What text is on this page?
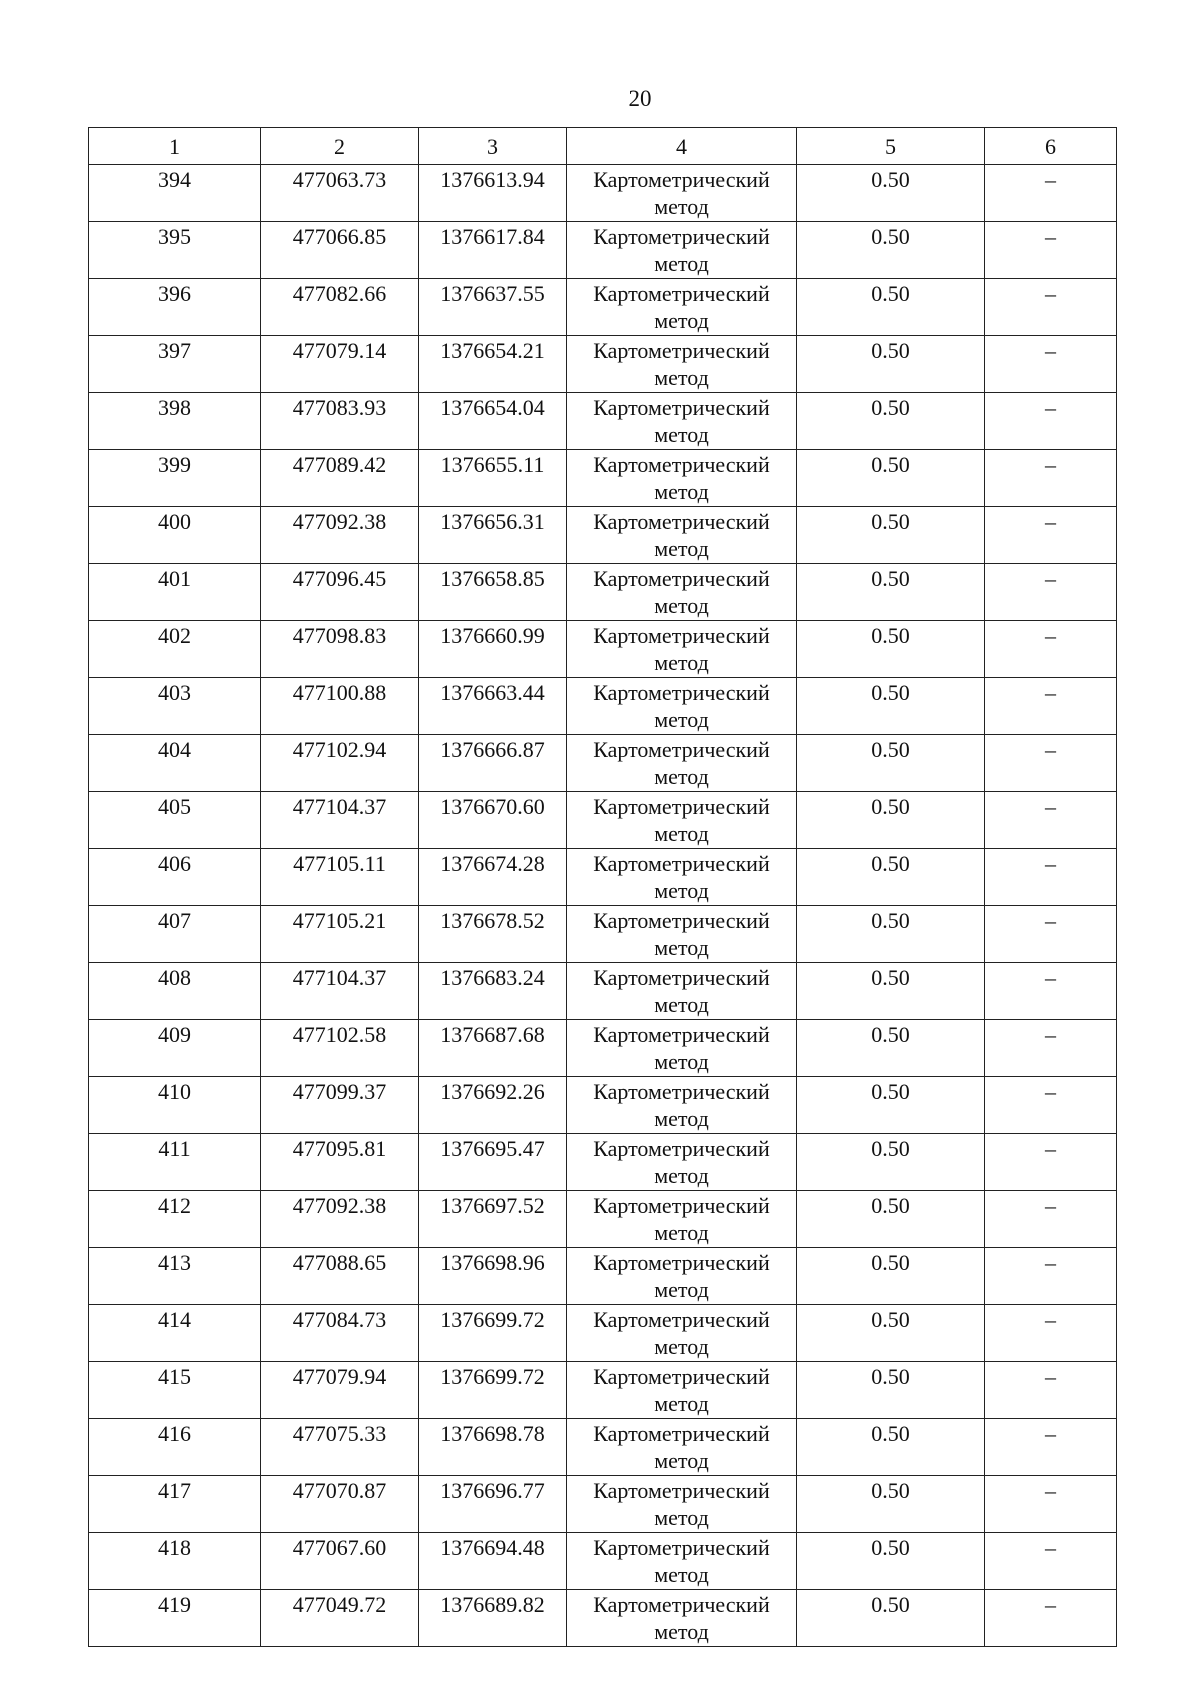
20
1	2	3	4	5	6
394	477063.73	1376613.94	Картометрический метод	0.50	–
395	477066.85	1376617.84	Картометрический метод	0.50	–
396	477082.66	1376637.55	Картометрический метод	0.50	–
397	477079.14	1376654.21	Картометрический метод	0.50	–
398	477083.93	1376654.04	Картометрический метод	0.50	–
399	477089.42	1376655.11	Картометрический метод	0.50	–
400	477092.38	1376656.31	Картометрический метод	0.50	–
401	477096.45	1376658.85	Картометрический метод	0.50	–
402	477098.83	1376660.99	Картометрический метод	0.50	–
403	477100.88	1376663.44	Картометрический метод	0.50	–
404	477102.94	1376666.87	Картометрический метод	0.50	–
405	477104.37	1376670.60	Картометрический метод	0.50	–
406	477105.11	1376674.28	Картометрический метод	0.50	–
407	477105.21	1376678.52	Картометрический метод	0.50	–
408	477104.37	1376683.24	Картометрический метод	0.50	–
409	477102.58	1376687.68	Картометрический метод	0.50	–
410	477099.37	1376692.26	Картометрический метод	0.50	–
411	477095.81	1376695.47	Картометрический метод	0.50	–
412	477092.38	1376697.52	Картометрический метод	0.50	–
413	477088.65	1376698.96	Картометрический метод	0.50	–
414	477084.73	1376699.72	Картометрический метод	0.50	–
415	477079.94	1376699.72	Картометрический метод	0.50	–
416	477075.33	1376698.78	Картометрический метод	0.50	–
417	477070.87	1376696.77	Картометрический метод	0.50	–
418	477067.60	1376694.48	Картометрический метод	0.50	–
419	477049.72	1376689.82	Картометрический метод	0.50	–
